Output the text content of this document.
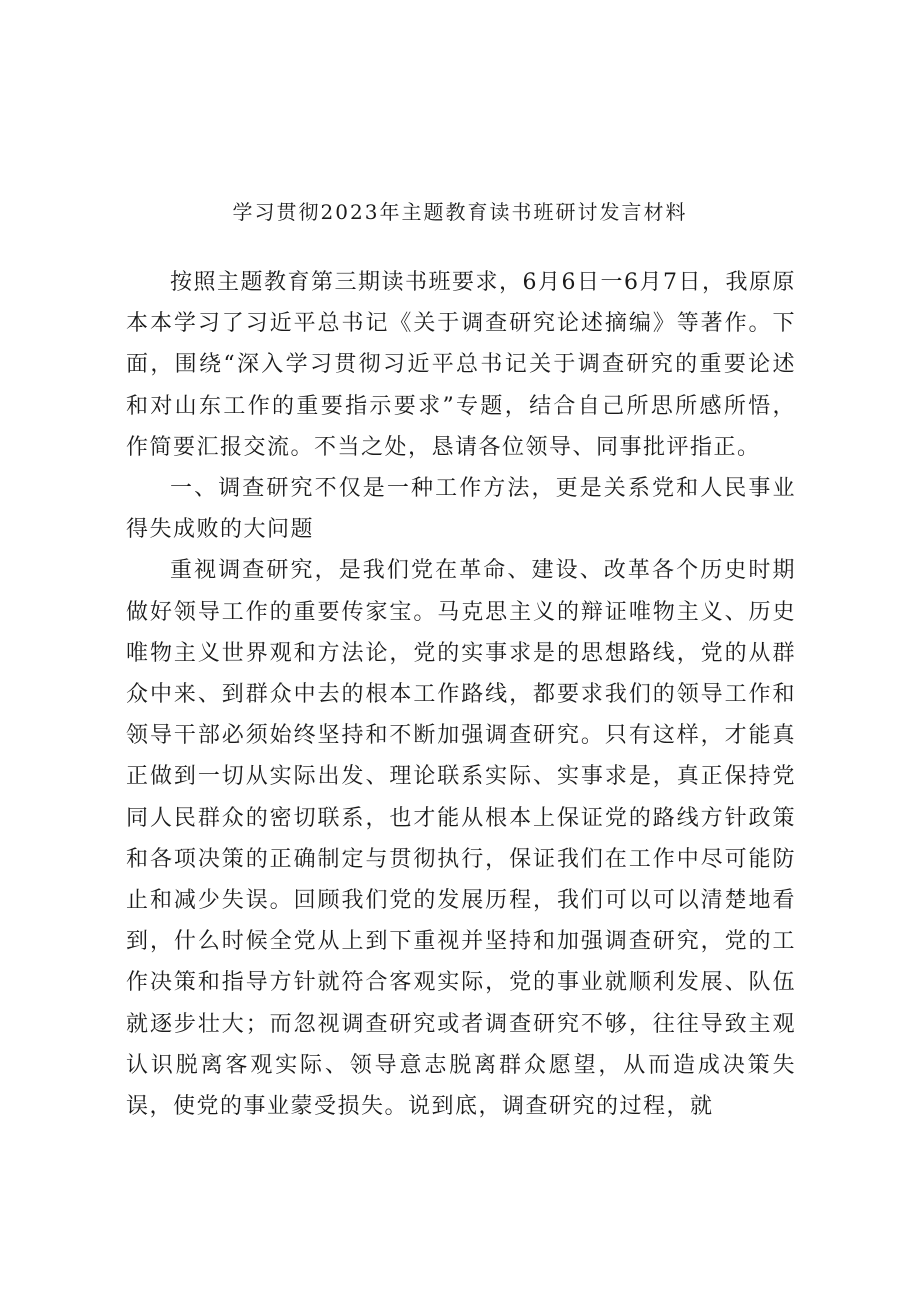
学习贯彻2023年主题教育读书班研讨发言材料

按照主题教育第三期读书班要求，6月6日一6月7日，我原原本本学习了习近平总书记《关于调查研究论述摘编》等著作。下面，围绕“深入学习贯彻习近平总书记关于调查研究的重要论述和对山东工作的重要指示要求”专题，结合自己所思所感所悟，作简要汇报交流。不当之处，恳请各位领导、同事批评指正。

一、调查研究不仅是一种工作方法，更是关系党和人民事业得失成败的大问题

重视调查研究，是我们党在革命、建设、改革各个历史时期做好领导工作的重要传家宝。马克思主义的辩证唯物主义、历史唯物主义世界观和方法论，党的实事求是的思想路线，党的从群众中来、到群众中去的根本工作路线，都要求我们的领导工作和领导干部必须始终坚持和不断加强调查研究。只有这样，才能真正做到一切从实际出发、理论联系实际、实事求是，真正保持党同人民群众的密切联系，也才能从根本上保证党的路线方针政策和各项决策的正确制定与贯彻执行，保证我们在工作中尽可能防止和减少失误。回顾我们党的发展历程，我们可以可以清楚地看到，什么时候全党从上到下重视并坚持和加强调查研究，党的工作决策和指导方针就符合客观实际，党的事业就顺利发展、队伍就逐步壮大；而忽视调查研究或者调查研究不够，往往导致主观认识脱离客观实际、领导意志脱离群众愿望，从而造成决策失误，使党的事业蒙受损失。说到底，调查研究的过程，就
